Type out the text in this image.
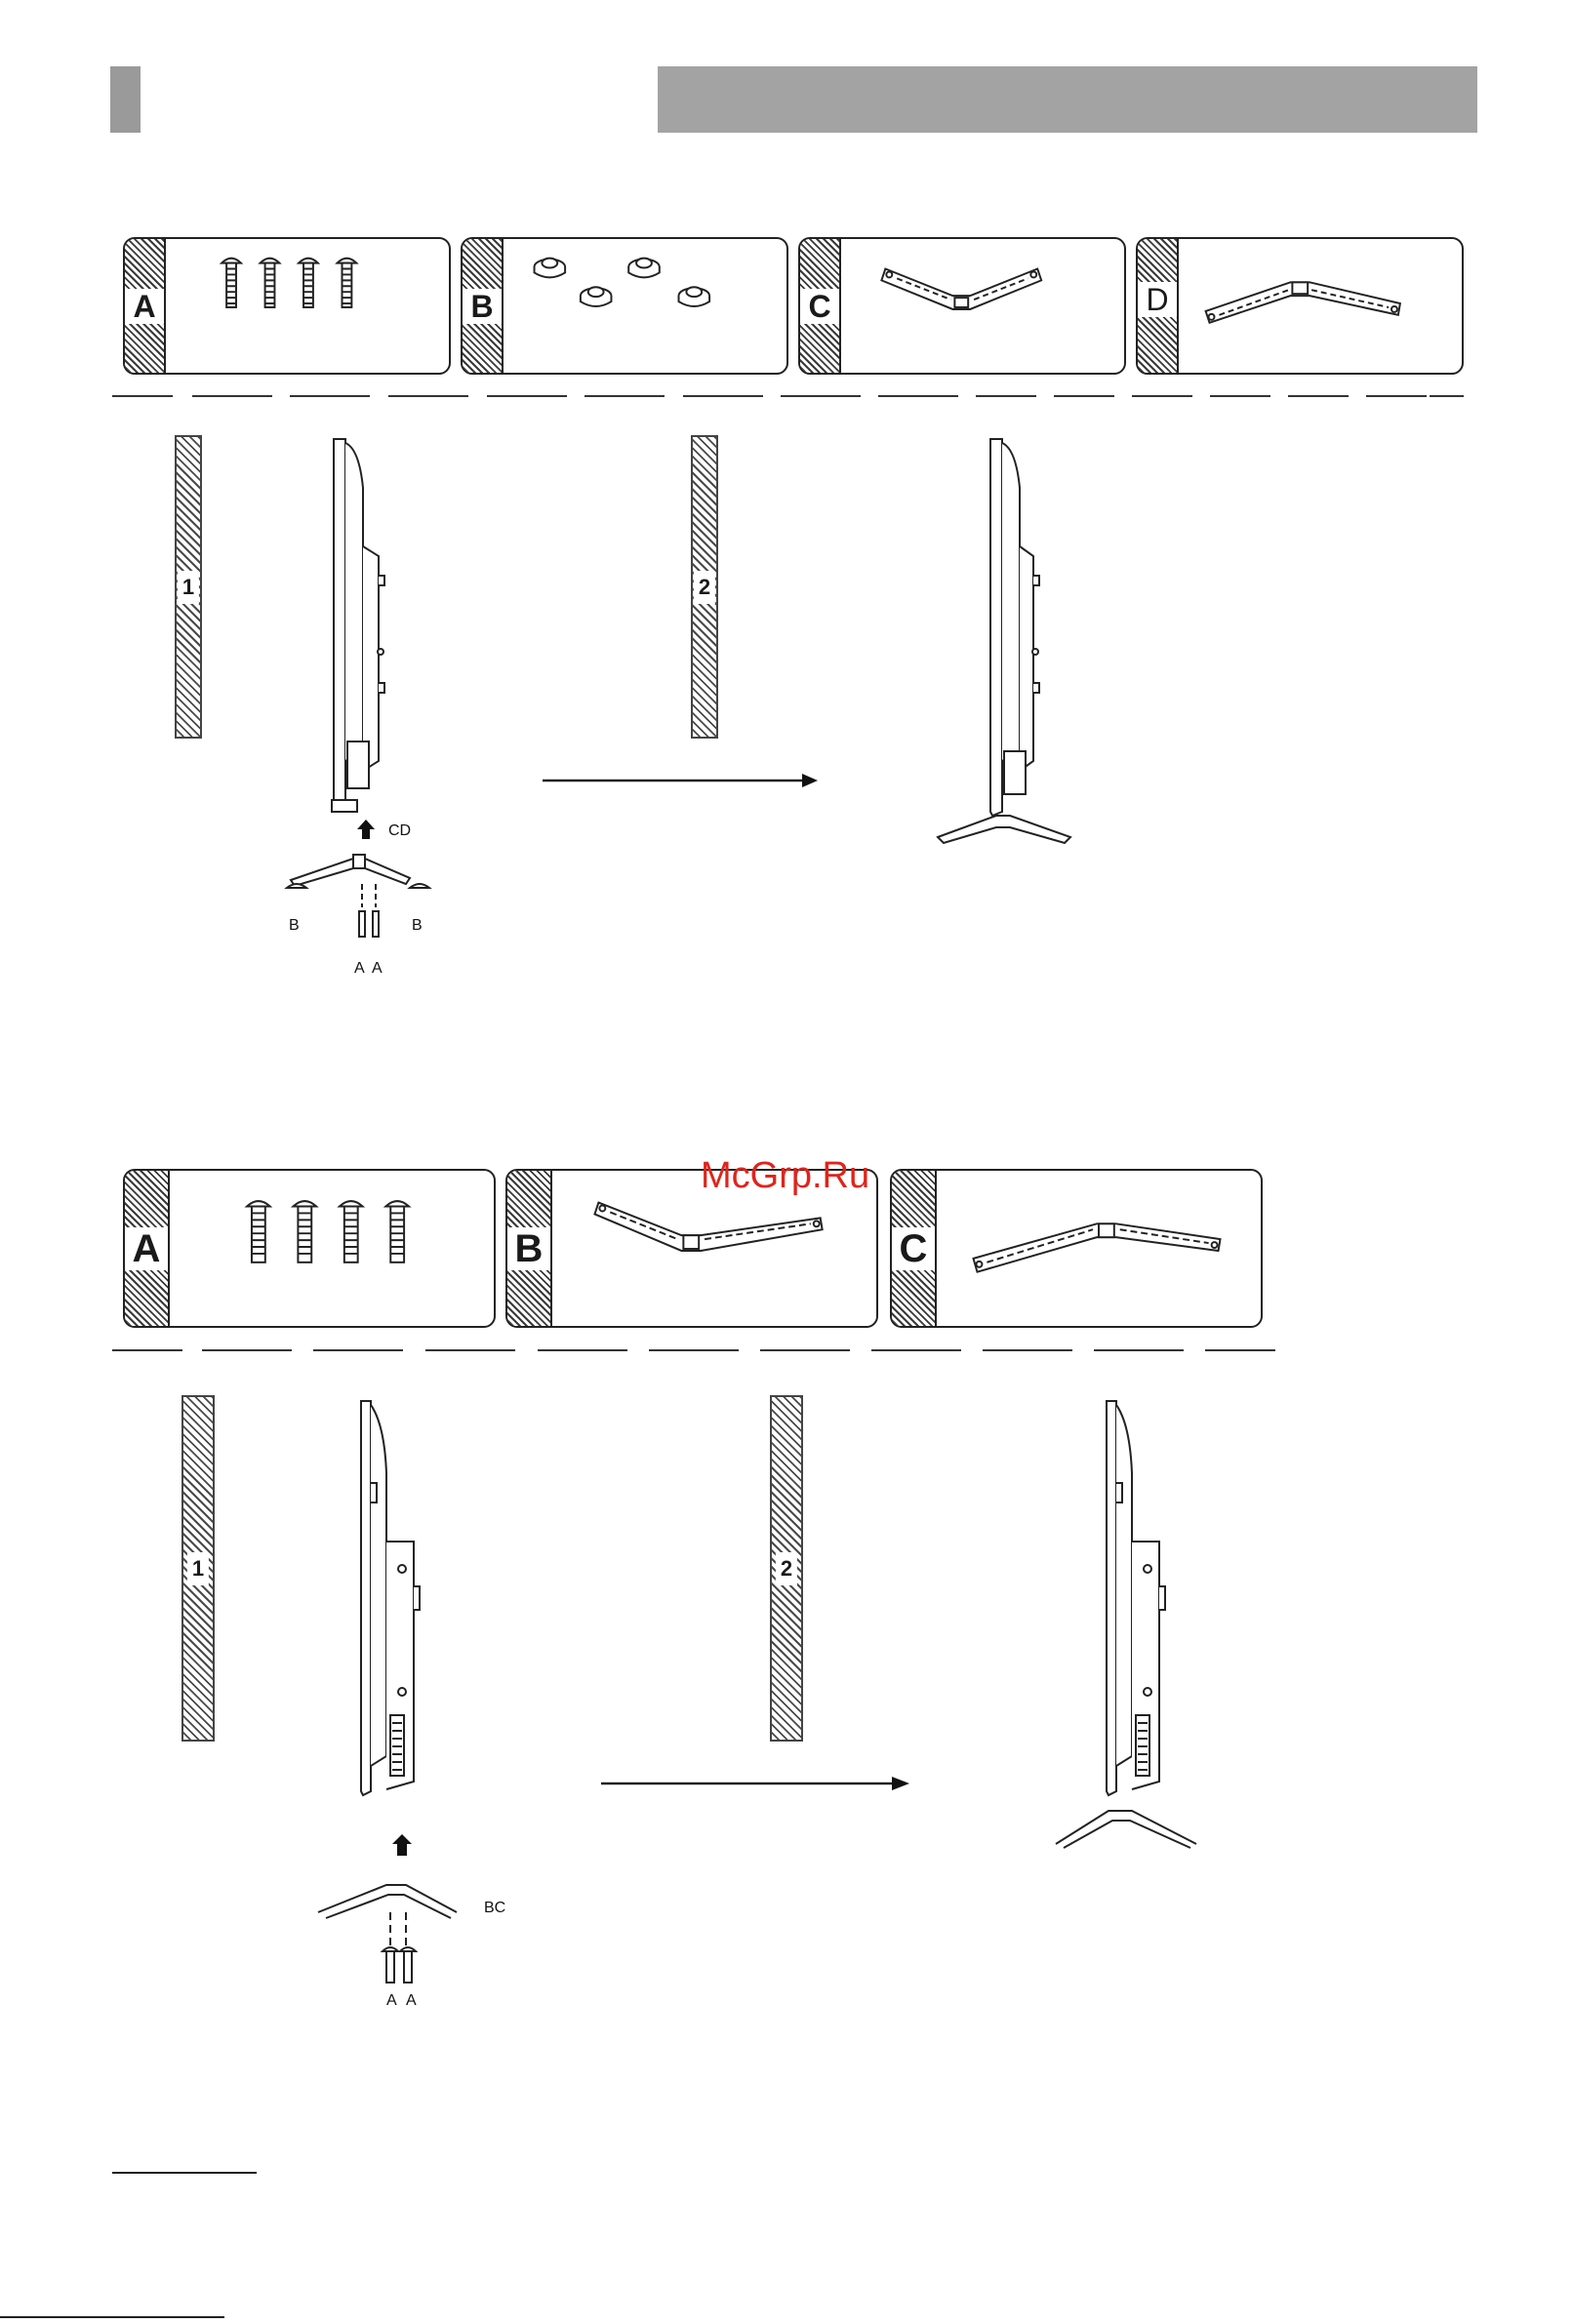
A	B	C	D
1	2
CD
B	B
A A
A	B	C
1	2
BC
A A
McGrp.Ru
